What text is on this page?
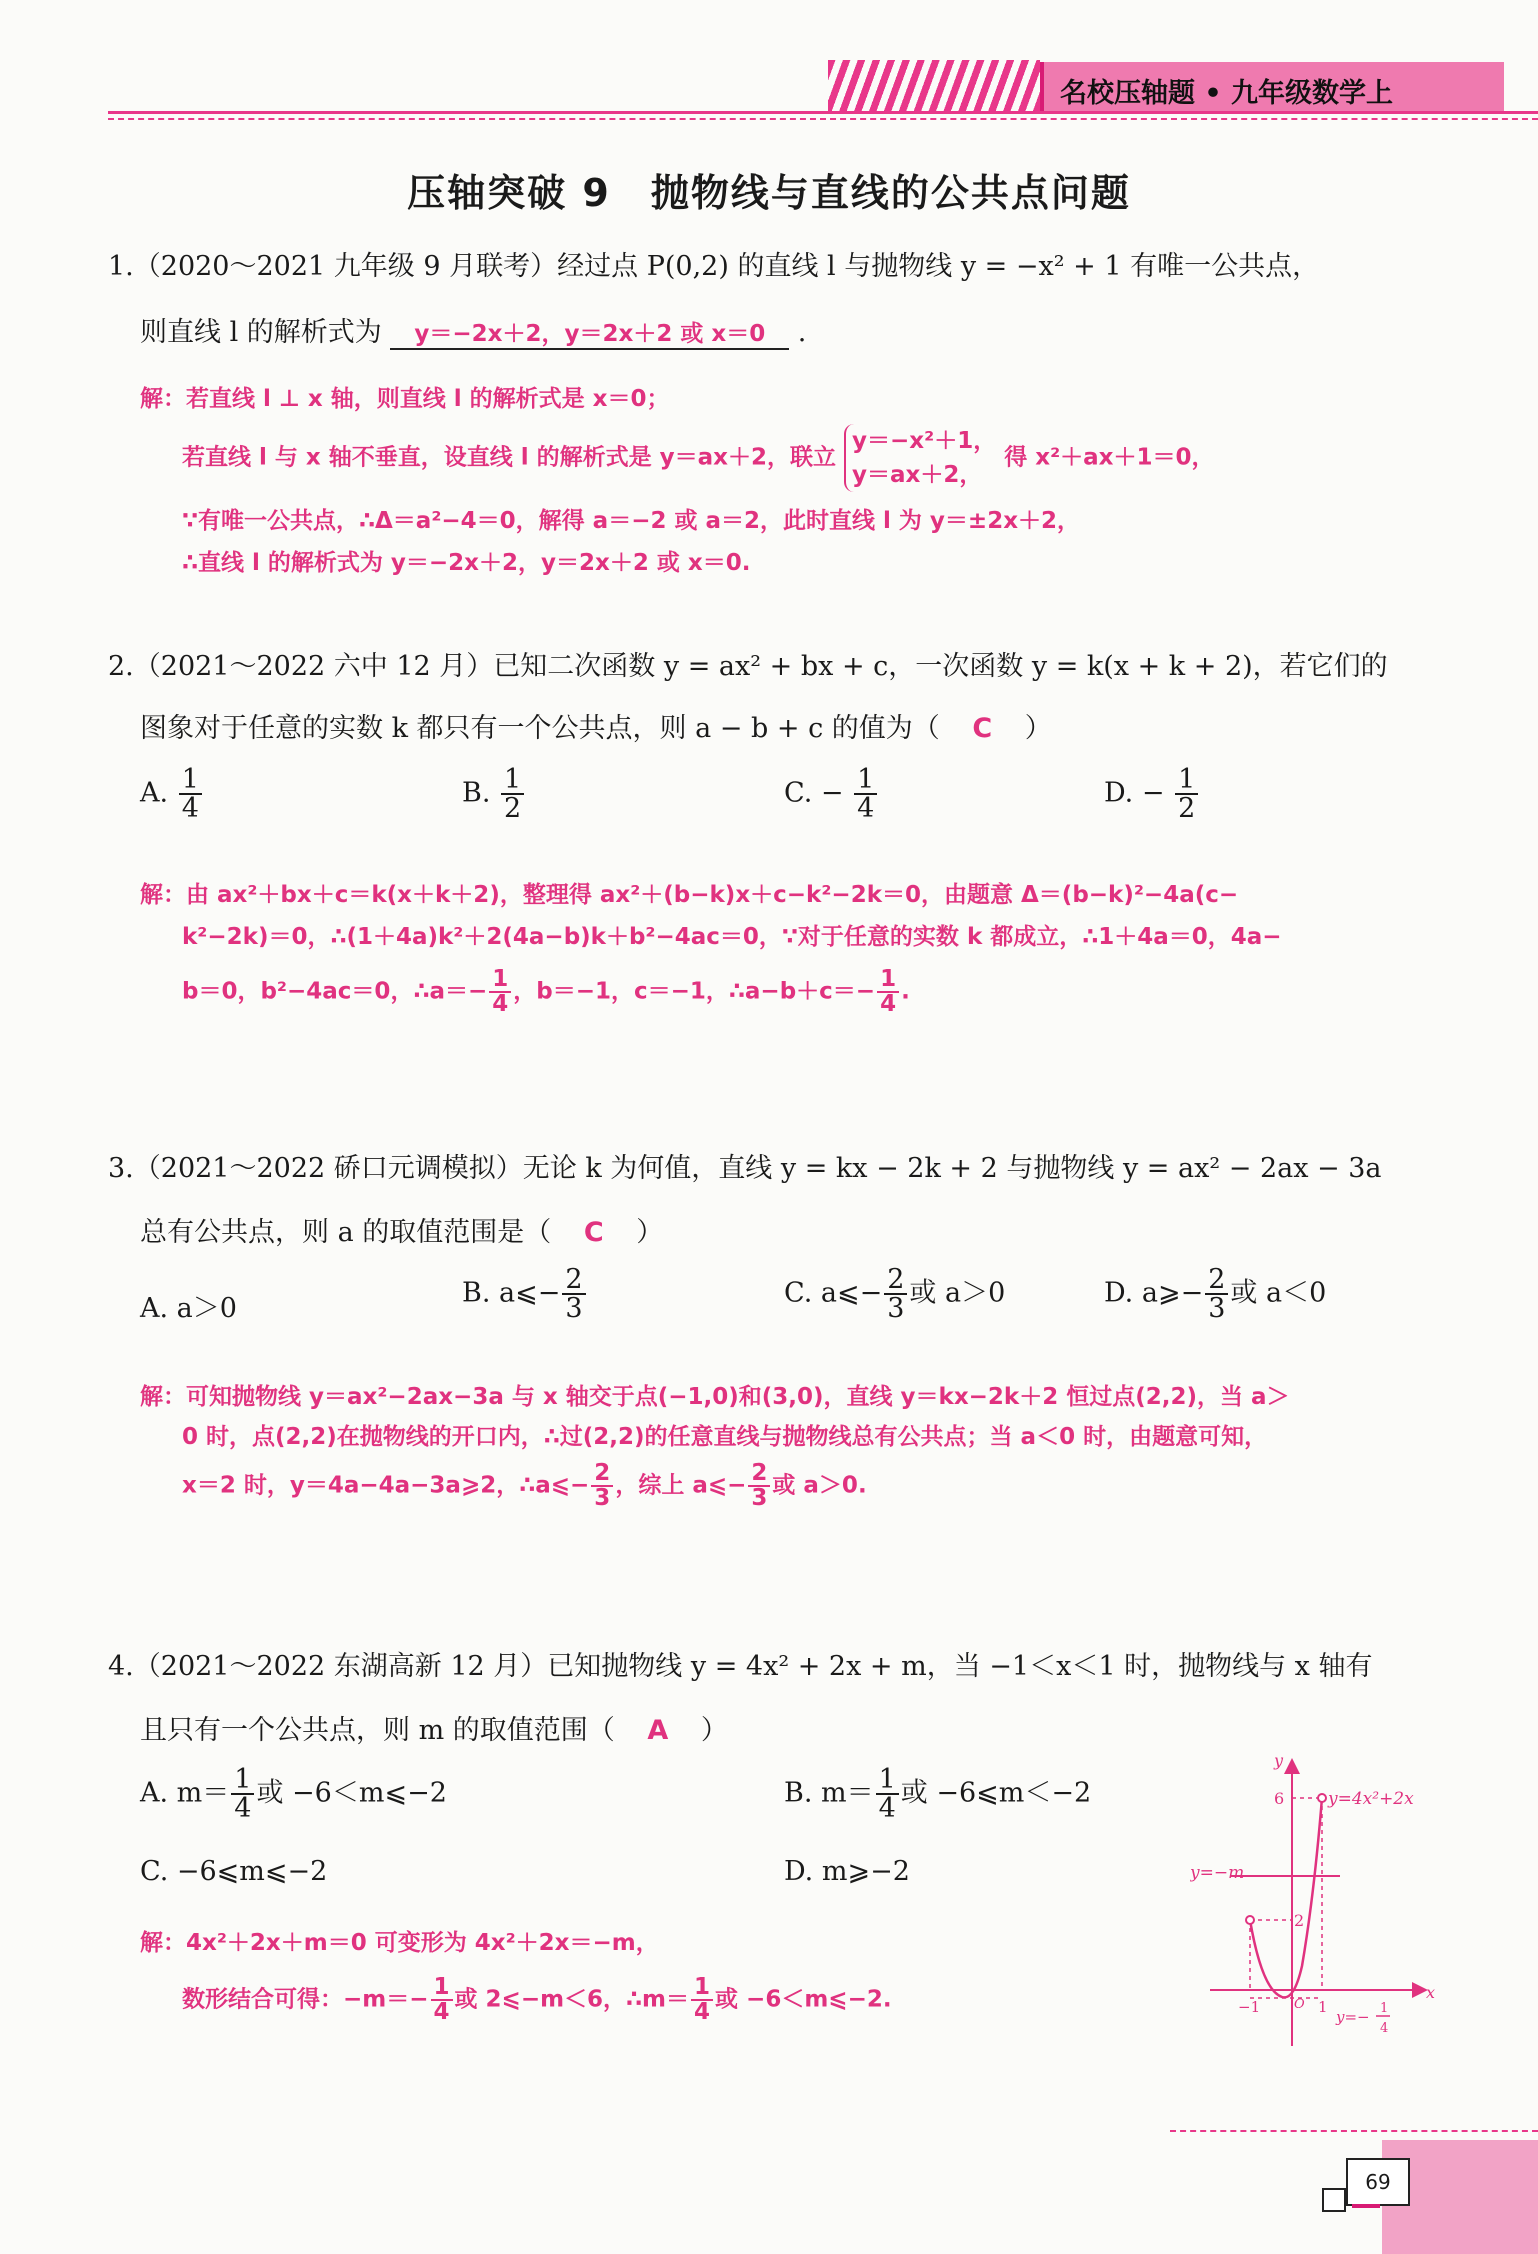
名校压轴题 • 九年级数学上
压轴突破 9　抛物线与直线的公共点问题
1.（2020～2021 九年级 9 月联考）经过点 P(0,2) 的直线 l 与抛物线 y = −x² + 1 有唯一公共点，
则直线 l 的解析式为 y＝−2x＋2，y＝2x＋2 或 x＝0 .
解：若直线 l ⊥ x 轴，则直线 l 的解析式是 x＝0；
若直线 l 与 x 轴不垂直，设直线 l 的解析式是 y＝ax＋2，联立
y＝−x²＋1，
y＝ax＋2，
得 x²＋ax＋1＝0，
∵有唯一公共点，∴Δ＝a²−4＝0，解得 a＝−2 或 a＝2，此时直线 l 为 y＝±2x＋2，
∴直线 l 的解析式为 y＝−2x＋2，y＝2x＋2 或 x＝0.
2.（2021～2022 六中 12 月）已知二次函数 y = ax² + bx + c，一次函数 y = k(x + k + 2)，若它们的
图象对于任意的实数 k 都只有一个公共点，则 a − b + c 的值为（ C ）
A. $\frac{1}{4}$	B. $\frac{1}{2}$	C. − $\frac{1}{4}$	D. − $\frac{1}{2}$
解：由 ax²＋bx＋c＝k(x＋k＋2)，整理得 ax²＋(b−k)x＋c−k²−2k＝0，由题意 Δ＝(b−k)²−4a(c−
k²−2k)＝0，∴(1＋4a)k²＋2(4a−b)k＋b²−4ac＝0，∵对于任意的实数 k 都成立，∴1＋4a＝0，4a−
b＝0，b²−4ac＝0，∴a＝− $\frac{1}{4}$ ，b＝−1，c＝−1，∴a−b＋c＝− $\frac{1}{4}$ .
3.（2021～2022 硚口元调模拟）无论 k 为何值，直线 y = kx − 2k + 2 与抛物线 y = ax² − 2ax − 3a
总有公共点，则 a 的取值范围是（ C ）
A. a＞0	B. a⩽− $\frac{2}{3}$	C. a⩽− $\frac{2}{3}$ 或 a＞0	D. a⩾− $\frac{2}{3}$ 或 a＜0
解：可知抛物线 y＝ax²−2ax−3a 与 x 轴交于点(−1,0)和(3,0)，直线 y＝kx−2k＋2 恒过点(2,2)，当 a＞
0 时，点(2,2)在抛物线的开口内，∴过(2,2)的任意直线与抛物线总有公共点；当 a＜0 时，由题意可知，
x＝2 时，y＝4a−4a−3a⩾2，∴a⩽− $\frac{2}{3}$ ，综上 a⩽− $\frac{2}{3}$ 或 a＞0.
4.（2021～2022 东湖高新 12 月）已知抛物线 y = 4x² + 2x + m，当 −1＜x＜1 时，抛物线与 x 轴有
且只有一个公共点，则 m 的取值范围（ A ）
A. $m= \frac{1}{4}$ 或 −6＜m⩽−2	B. $m= \frac{1}{4}$ 或 −6⩽m＜−2
C. −6⩽m⩽−2	D. m⩾−2
解：4x²＋2x＋m＝0 可变形为 4x²＋2x＝−m，
数形结合可得：$-m=- \frac{1}{4}$ 或 2⩽−m＜6，∴m＝ $\frac{1}{4}$ 或 −6＜m⩽−2.
y
x
6
2
y=4x²+2x
y=−m
−1	1
O
y=− 1
4
69
